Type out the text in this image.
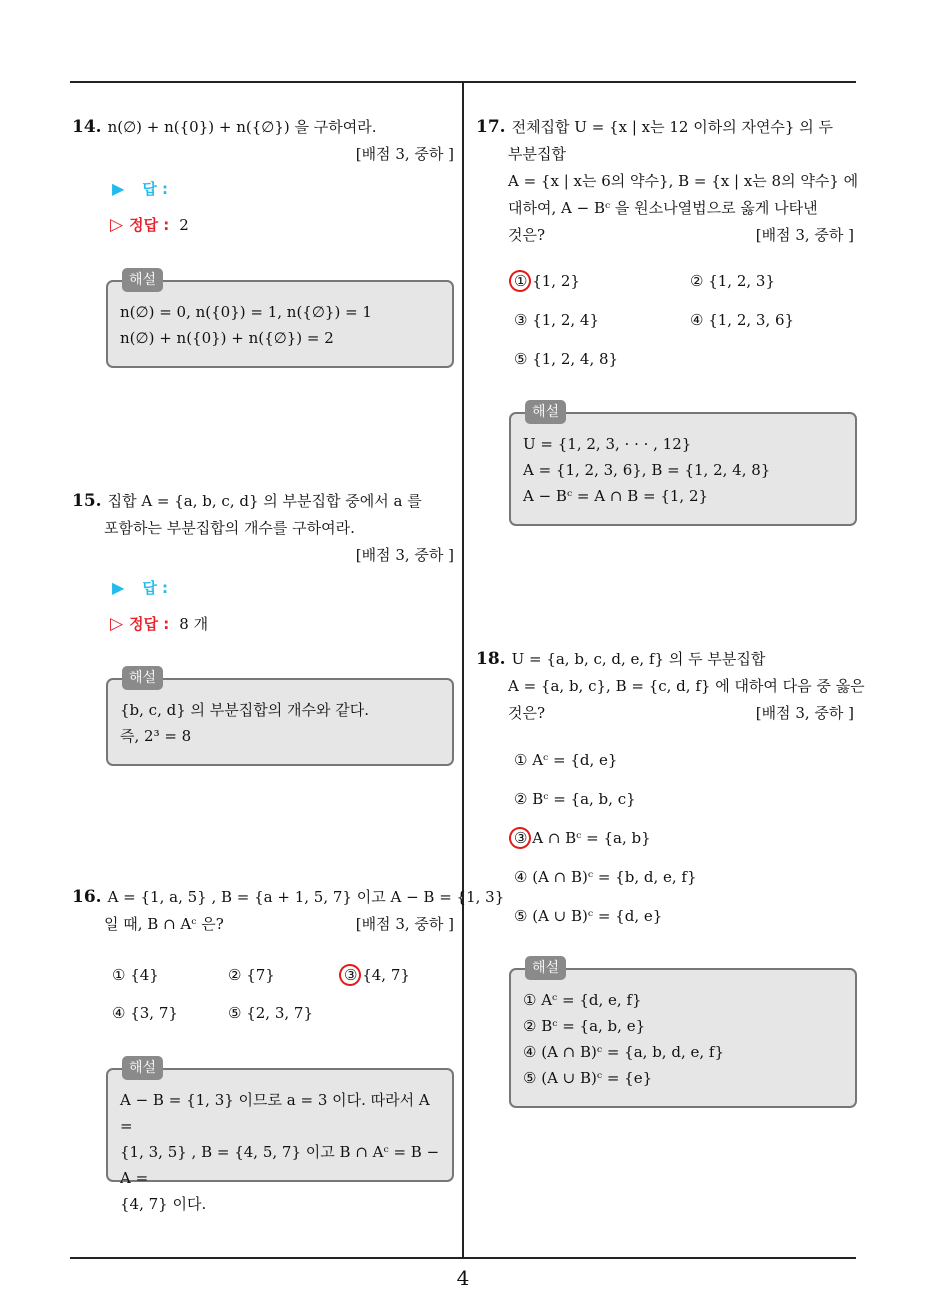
14. n(∅) + n({0}) + n({∅}) 을 구하여라.
[배점 3, 중하 ]
▶ 답 :
▷ 정답 : 2
해설
n(∅) = 0, n({0}) = 1, n({∅}) = 1
n(∅) + n({0}) + n({∅}) = 2
15. 집합 A = {a, b, c, d} 의 부분집합 중에서 a 를
포함하는 부분집합의 개수를 구하여라.
[배점 3, 중하 ]
▶ 답 :
▷ 정답 : 8 개
해설
{b, c, d} 의 부분집합의 개수와 같다.
즉, 2³ = 8
16. A = {1, a, 5} , B = {a + 1, 5, 7} 이고 A − B = {1, 3}
일 때, B ∩ Aᶜ 은?	[배점 3, 중하 ]
① {4}	② {7}	③ {4, 7}
④ {3, 7}	⑤ {2, 3, 7}
해설
A − B = {1, 3} 이므로 a = 3 이다. 따라서 A =
{1, 3, 5} , B = {4, 5, 7} 이고 B ∩ Aᶜ = B − A =
{4, 7} 이다.
17. 전체집합 U = {x | x는 12 이하의 자연수} 의 두
부분집합
A = {x | x는 6의 약수}, B = {x | x는 8의 약수} 에
대하여, A − Bᶜ 을 원소나열법으로 옳게 나타낸
것은?	[배점 3, 중하 ]
① {1, 2}	② {1, 2, 3}
③ {1, 2, 4}	④ {1, 2, 3, 6}
⑤ {1, 2, 4, 8}
해설
U = {1, 2, 3, · · · , 12}
A = {1, 2, 3, 6}, B = {1, 2, 4, 8}
A − Bᶜ = A ∩ B = {1, 2}
18. U = {a, b, c, d, e, f} 의 두 부분집합
A = {a, b, c}, B = {c, d, f} 에 대하여 다음 중 옳은
것은?	[배점 3, 중하 ]
① Aᶜ = {d, e}
② Bᶜ = {a, b, c}
③ A ∩ Bᶜ = {a, b}
④ (A ∩ B)ᶜ = {b, d, e, f}
⑤ (A ∪ B)ᶜ = {d, e}
해설
① Aᶜ = {d, e, f}
② Bᶜ = {a, b, e}
④ (A ∩ B)ᶜ = {a, b, d, e, f}
⑤ (A ∪ B)ᶜ = {e}
4
